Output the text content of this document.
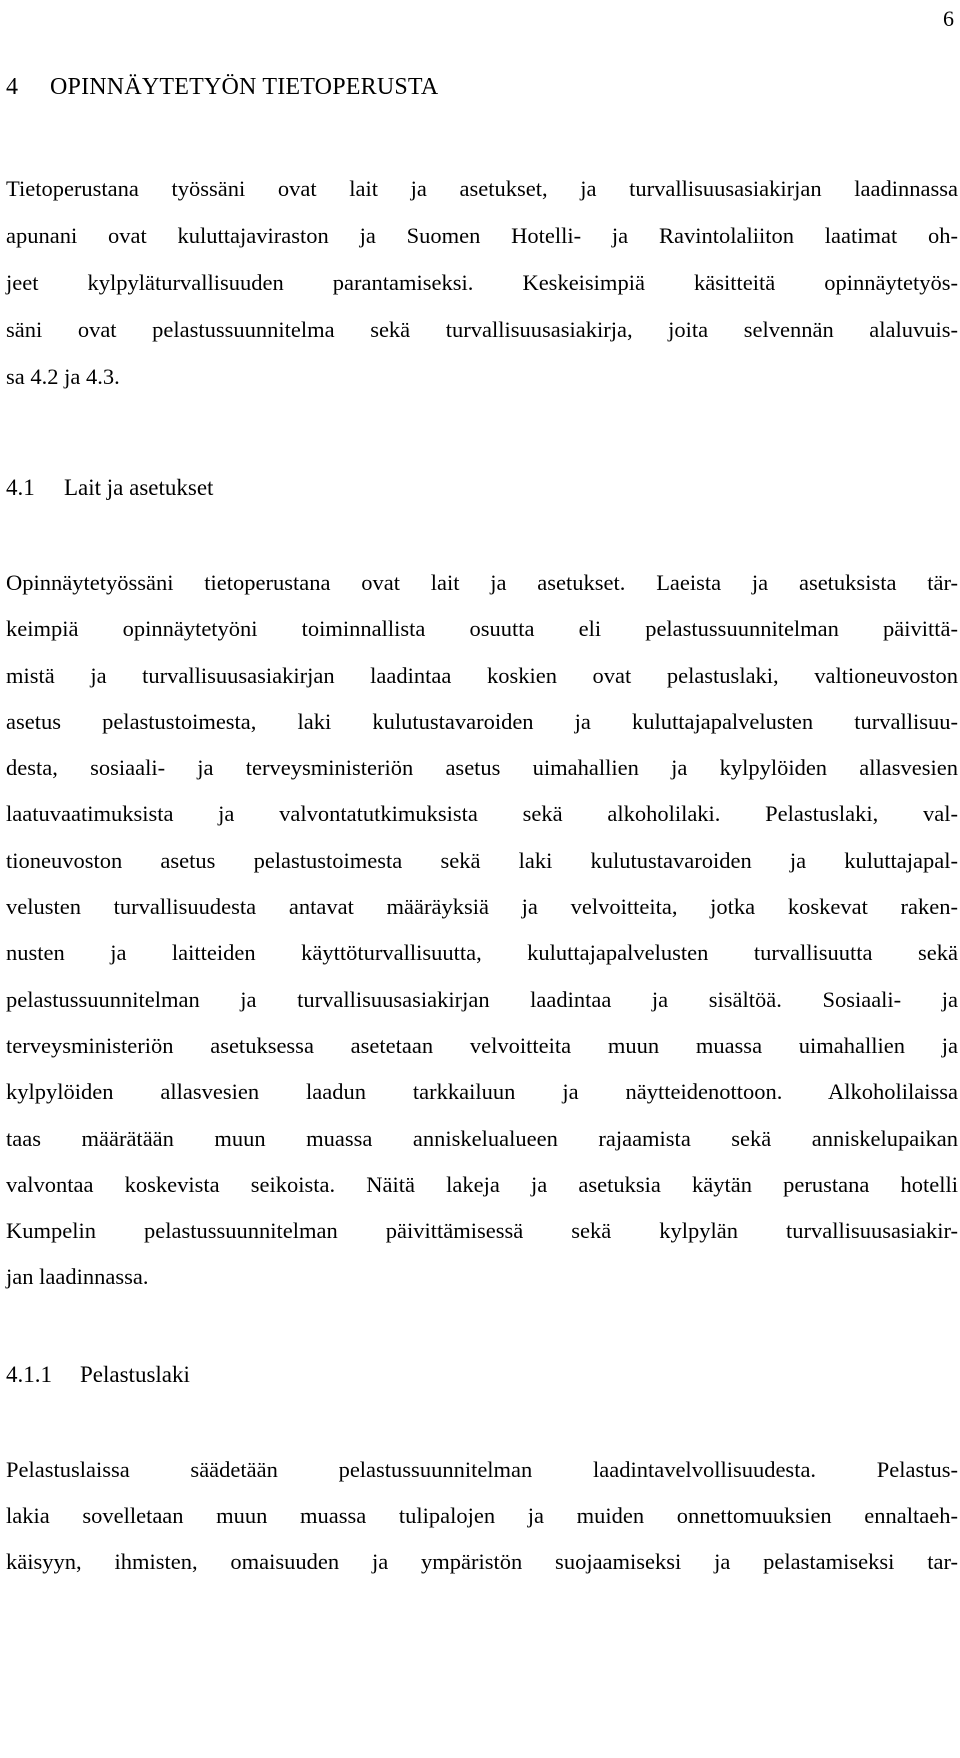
6
4 OPINNÄYTETYÖN TIETOPERUSTA

Tietoperustana työssäni ovat lait ja asetukset, ja turvallisuusasiakirjan laadinnassa
apunani ovat kuluttajaviraston ja Suomen Hotelli- ja Ravintolaliiton laatimat oh-
jeet kylpyläturvallisuuden parantamiseksi. Keskeisimpiä käsitteitä opinnäytetyös-
säni ovat pelastussuunnitelma sekä turvallisuusasiakirja, joita selvennän alaluvuis-
sa 4.2 ja 4.3.

4.1 Lait ja asetukset

Opinnäytetyössäni tietoperustana ovat lait ja asetukset. Laeista ja asetuksista tär-
keimpiä opinnäytetyöni toiminnallista osuutta eli pelastussuunnitelman päivittä-
mistä ja turvallisuusasiakirjan laadintaa koskien ovat pelastuslaki, valtioneuvoston
asetus pelastustoimesta, laki kulutustavaroiden ja kuluttajapalvelusten turvallisuu-
desta, sosiaali- ja terveysministeriön asetus uimahallien ja kylpylöiden allasvesien
laatuvaatimuksista ja valvontatutkimuksista sekä alkoholilaki. Pelastuslaki, val-
tioneuvoston asetus pelastustoimesta sekä laki kulutustavaroiden ja kuluttajapal-
velusten turvallisuudesta antavat määräyksiä ja velvoitteita, jotka koskevat raken-
nusten ja laitteiden käyttöturvallisuutta, kuluttajapalvelusten turvallisuutta sekä
pelastussuunnitelman ja turvallisuusasiakirjan laadintaa ja sisältöä. Sosiaali- ja
terveysministeriön asetuksessa asetetaan velvoitteita muun muassa uimahallien ja
kylpylöiden allasvesien laadun tarkkailuun ja näytteidenottoon. Alkoholilaissa
taas määrätään muun muassa anniskelualueen rajaamista sekä anniskelupaikan
valvontaa koskevista seikoista. Näitä lakeja ja asetuksia käytän perustana hotelli
Kumpelin pelastussuunnitelman päivittämisessä sekä kylpylän turvallisuusasiakir-
jan laadinnassa.

4.1.1 Pelastuslaki

Pelastuslaissa säädetään pelastussuunnitelman laadintavelvollisuudesta. Pelastus-
lakia sovelletaan muun muassa tulipalojen ja muiden onnettomuuksien ennaltaeh-
käisyyn, ihmisten, omaisuuden ja ympäristön suojaamiseksi ja pelastamiseksi tar-
